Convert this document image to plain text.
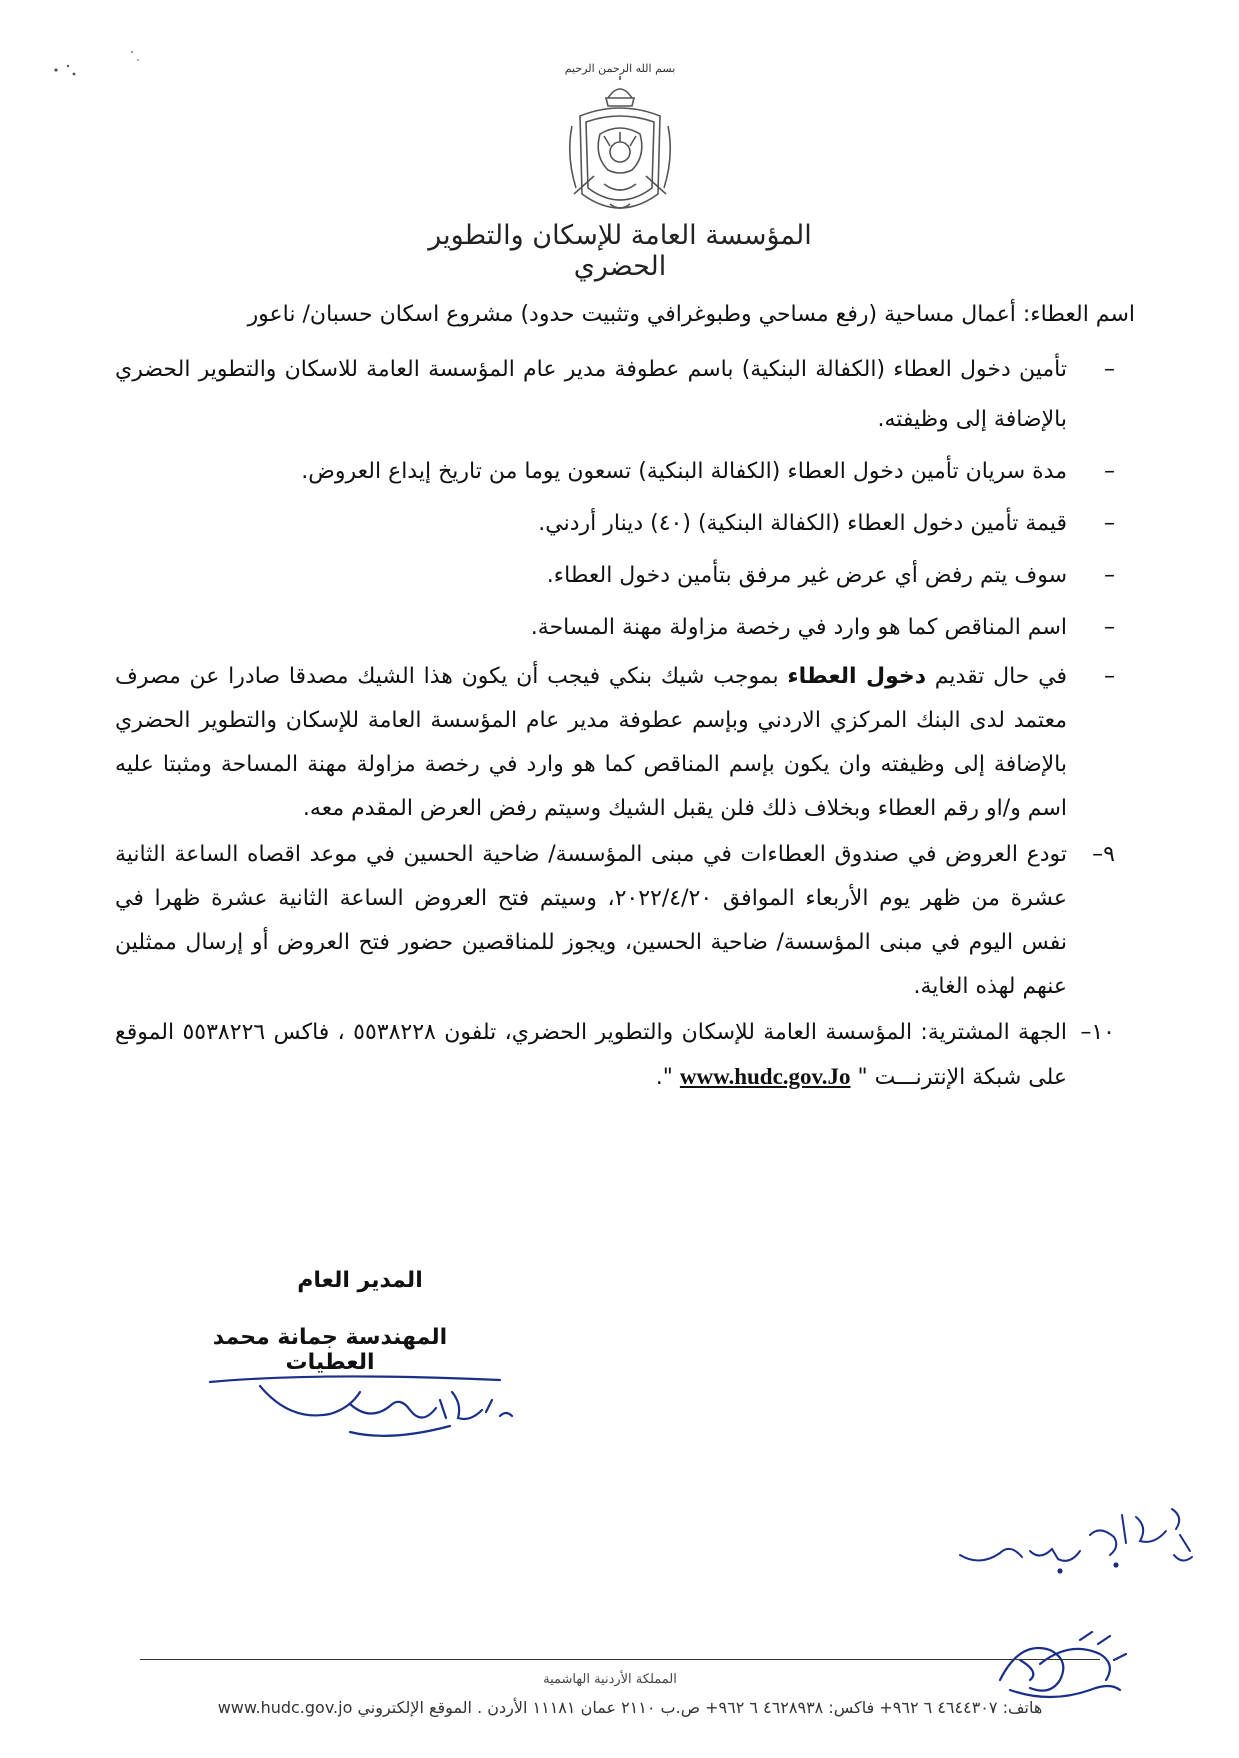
بسم الله الرحمن الرحيم
المؤسسة العامة للإسكان والتطوير الحضري
اسم العطاء: أعمال مساحية (رفع مساحي وطبوغرافي وتثبيت حدود) مشروع اسكان حسبان/ ناعور
–
تأمين دخول العطاء (الكفالة البنكية) باسم عطوفة مدير عام المؤسسة العامة للاسكان والتطوير الحضري بالإضافة إلى وظيفته.
–
مدة سريان تأمين دخول العطاء (الكفالة البنكية) تسعون يوما من تاريخ إيداع العروض.
–
قيمة تأمين دخول العطاء (الكفالة البنكية) (٤٠) دينار أردني.
–
سوف يتم رفض أي عرض غير مرفق بتأمين دخول العطاء.
–
اسم المناقص كما هو وارد في رخصة مزاولة مهنة المساحة.
–
في حال تقديم دخول العطاء بموجب شيك بنكي فيجب أن يكون هذا الشيك مصدقا صادرا عن مصرف معتمد لدى البنك المركزي الاردني وبإسم عطوفة مدير عام المؤسسة العامة للإسكان والتطوير الحضري بالإضافة إلى وظيفته وان يكون بإسم المناقص كما هو وارد في رخصة مزاولة مهنة المساحة ومثبتا عليه اسم و/او رقم العطاء وبخلاف ذلك فلن يقبل الشيك وسيتم رفض العرض المقدم معه.
٩–
تودع العروض في صندوق العطاءات في مبنى المؤسسة/ ضاحية الحسين في موعد اقصاه الساعة الثانية عشرة من ظهر يوم الأربعاء الموافق ٢٠٢٢/٤/٢٠، وسيتم فتح العروض الساعة الثانية عشرة ظهرا في نفس اليوم في مبنى المؤسسة/ ضاحية الحسين، ويجوز للمناقصين حضور فتح العروض أو إرسال ممثلين عنهم لهذه الغاية.
١٠–
الجهة المشترية: المؤسسة العامة للإسكان والتطوير الحضري، تلفون ٥٥٣٨٢٢٨ ، فاكس ٥٥٣٨٢٢٦ الموقع على شبكة الإنترنـــت " www.hudc.gov.Jo ".
المدير العام
المهندسة جمانة محمد العطيات
المملكة الأردنية الهاشمية
هاتف: ٤٦٤٤٣٠٧ ٦ ٩٦٢+ فاكس: ٤٦٢٨٩٣٨ ٦ ٩٦٢+ ص.ب ٢١١٠ عمان ١١١٨١ الأردن . الموقع الإلكتروني www.hudc.gov.jo
